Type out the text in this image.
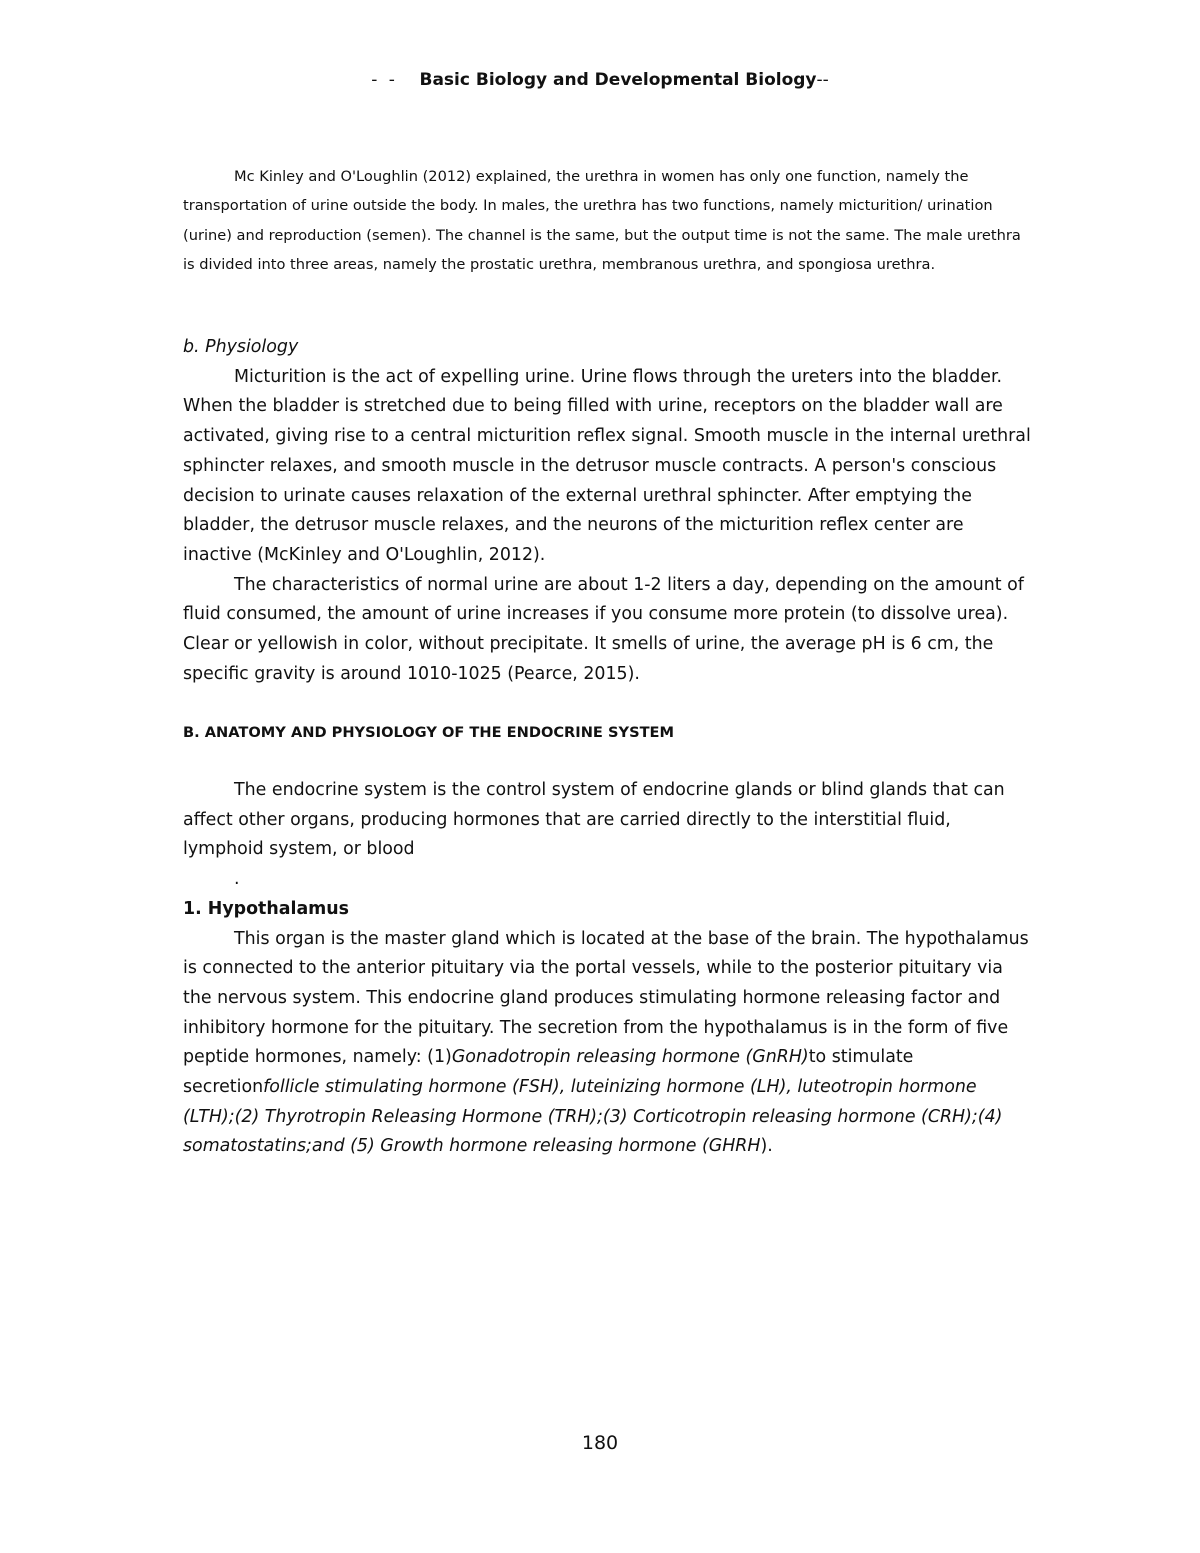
- - Basic Biology and Developmental Biology--

Mc Kinley and O'Loughlin (2012) explained, the urethra in women has only one function, namely the transportation of urine outside the body. In males, the urethra has two functions, namely micturition/ urination (urine) and reproduction (semen). The channel is the same, but the output time is not the same. The male urethra is divided into three areas, namely the prostatic urethra, membranous urethra, and spongiosa urethra.

b. Physiology
Micturition is the act of expelling urine. Urine flows through the ureters into the bladder. When the bladder is stretched due to being filled with urine, receptors on the bladder wall are activated, giving rise to a central micturition reflex signal. Smooth muscle in the internal urethral sphincter relaxes, and smooth muscle in the detrusor muscle contracts. A person's conscious decision to urinate causes relaxation of the external urethral sphincter. After emptying the bladder, the detrusor muscle relaxes, and the neurons of the micturition reflex center are inactive (McKinley and O'Loughlin, 2012).
The characteristics of normal urine are about 1-2 liters a day, depending on the amount of fluid consumed, the amount of urine increases if you consume more protein (to dissolve urea). Clear or yellowish in color, without precipitate. It smells of urine, the average pH is 6 cm, the specific gravity is around 1010-1025 (Pearce, 2015).
B. ANATOMY AND PHYSIOLOGY OF THE ENDOCRINE SYSTEM
The endocrine system is the control system of endocrine glands or blind glands that can affect other organs, producing hormones that are carried directly to the interstitial fluid, lymphoid system, or blood
.
1. Hypothalamus
This organ is the master gland which is located at the base of the brain. The hypothalamus is connected to the anterior pituitary via the portal vessels, while to the posterior pituitary via the nervous system. This endocrine gland produces stimulating hormone releasing factor and inhibitory hormone for the pituitary. The secretion from the hypothalamus is in the form of five peptide hormones, namely: (1)Gonadotropin releasing hormone (GnRH)to stimulate secretionfollicle stimulating hormone (FSH), luteinizing hormone (LH), luteotropin hormone (LTH);(2) Thyrotropin Releasing Hormone (TRH);(3) Corticotropin releasing hormone (CRH);(4) somatostatins;and (5) Growth hormone releasing hormone (GHRH).
180
